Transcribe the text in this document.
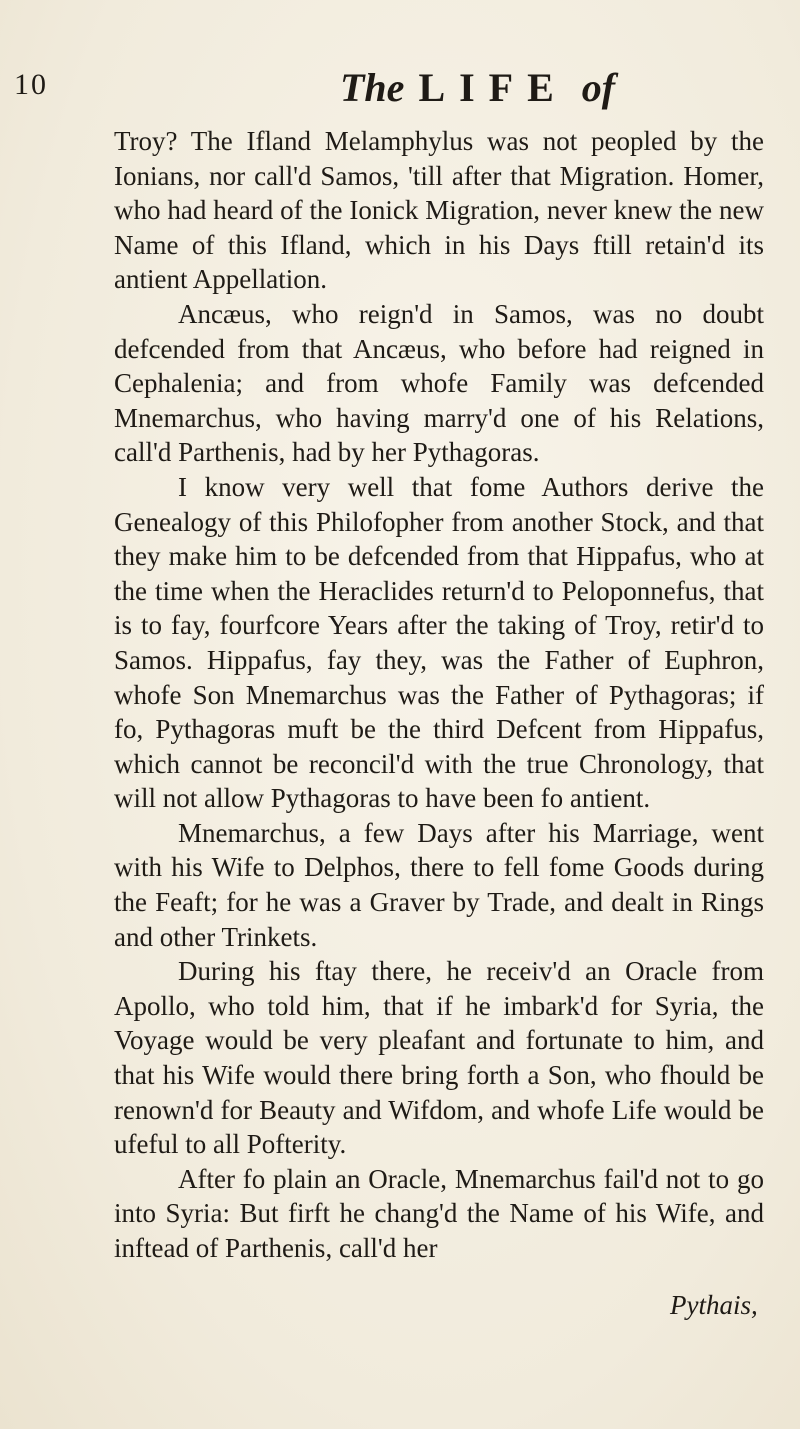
10	The LIFE of

Troy? The Ifland Melamphylus was not peopled by the Ionians, nor call'd Samos, 'till after that Migration. Homer, who had heard of the Ionick Migration, never knew the new Name of this Ifland, which in his Days ftill retain'd its antient Appellation.

Ancæus, who reign'd in Samos, was no doubt defcended from that Ancæus, who before had reigned in Cephalenia; and from whofe Family was defcended Mnemarchus, who having marry'd one of his Relations, call'd Parthenis, had by her Pythagoras.

I know very well that fome Authors derive the Genealogy of this Philofopher from another Stock, and that they make him to be defcended from that Hippafus, who at the time when the Heraclides return'd to Peloponnefus, that is to fay, fourfcore Years after the taking of Troy, retir'd to Samos. Hippafus, fay they, was the Father of Euphron, whofe Son Mnemarchus was the Father of Pythagoras; if fo, Pythagoras muft be the third Defcent from Hippafus, which cannot be reconcil'd with the true Chronology, that will not allow Pythagoras to have been fo antient.

Mnemarchus, a few Days after his Marriage, went with his Wife to Delphos, there to fell fome Goods during the Feaft; for he was a Graver by Trade, and dealt in Rings and other Trinkets.

During his ftay there, he receiv'd an Oracle from Apollo, who told him, that if he imbark'd for Syria, the Voyage would be very pleafant and fortunate to him, and that his Wife would there bring forth a Son, who fhould be renown'd for Beauty and Wifdom, and whofe Life would be ufeful to all Pofterity.

After fo plain an Oracle, Mnemarchus fail'd not to go into Syria: But firft he chang'd the Name of his Wife, and inftead of Parthenis, call'd her

Pythais,
